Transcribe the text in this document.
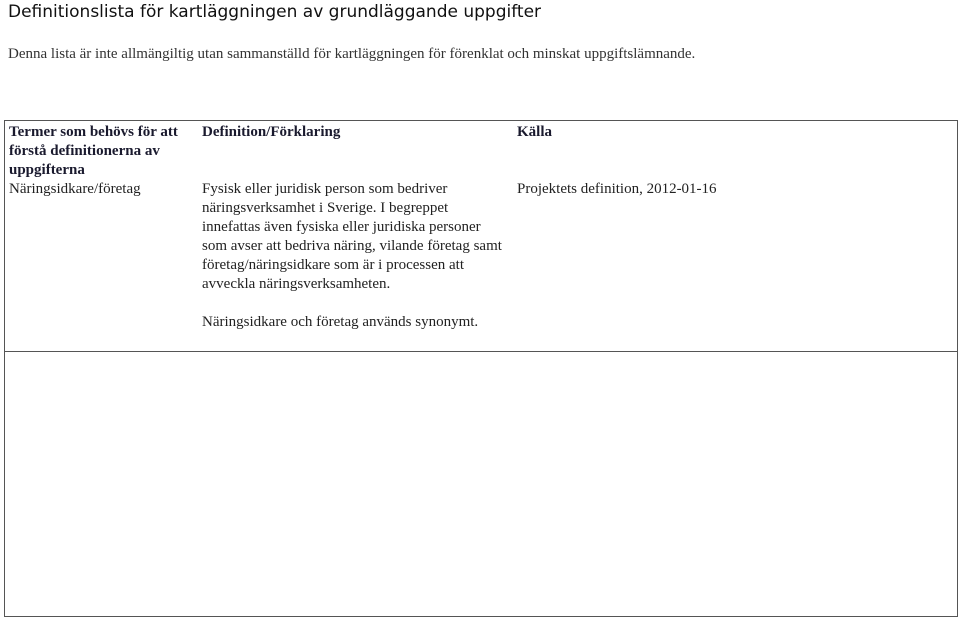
Definitionslista för kartläggningen av grundläggande uppgifter
Denna lista är inte allmängiltig utan sammanställd för kartläggningen för förenklat och minskat uppgiftslämnande.
Termer som behövs för att förstå definitionerna av uppgifterna
Definition/Förklaring	Källa
Näringsidkare/företag	Fysisk eller juridisk person som bedriver näringsverksamhet i Sverige. I begreppet innefattas även fysiska eller juridiska personer som avser att bedriva näring, vilande företag samt företag/näringsidkare som är i processen att avveckla näringsverksamheten.

Näringsidkare och företag används synonymt.

Projektets definition, 2012-01-16
